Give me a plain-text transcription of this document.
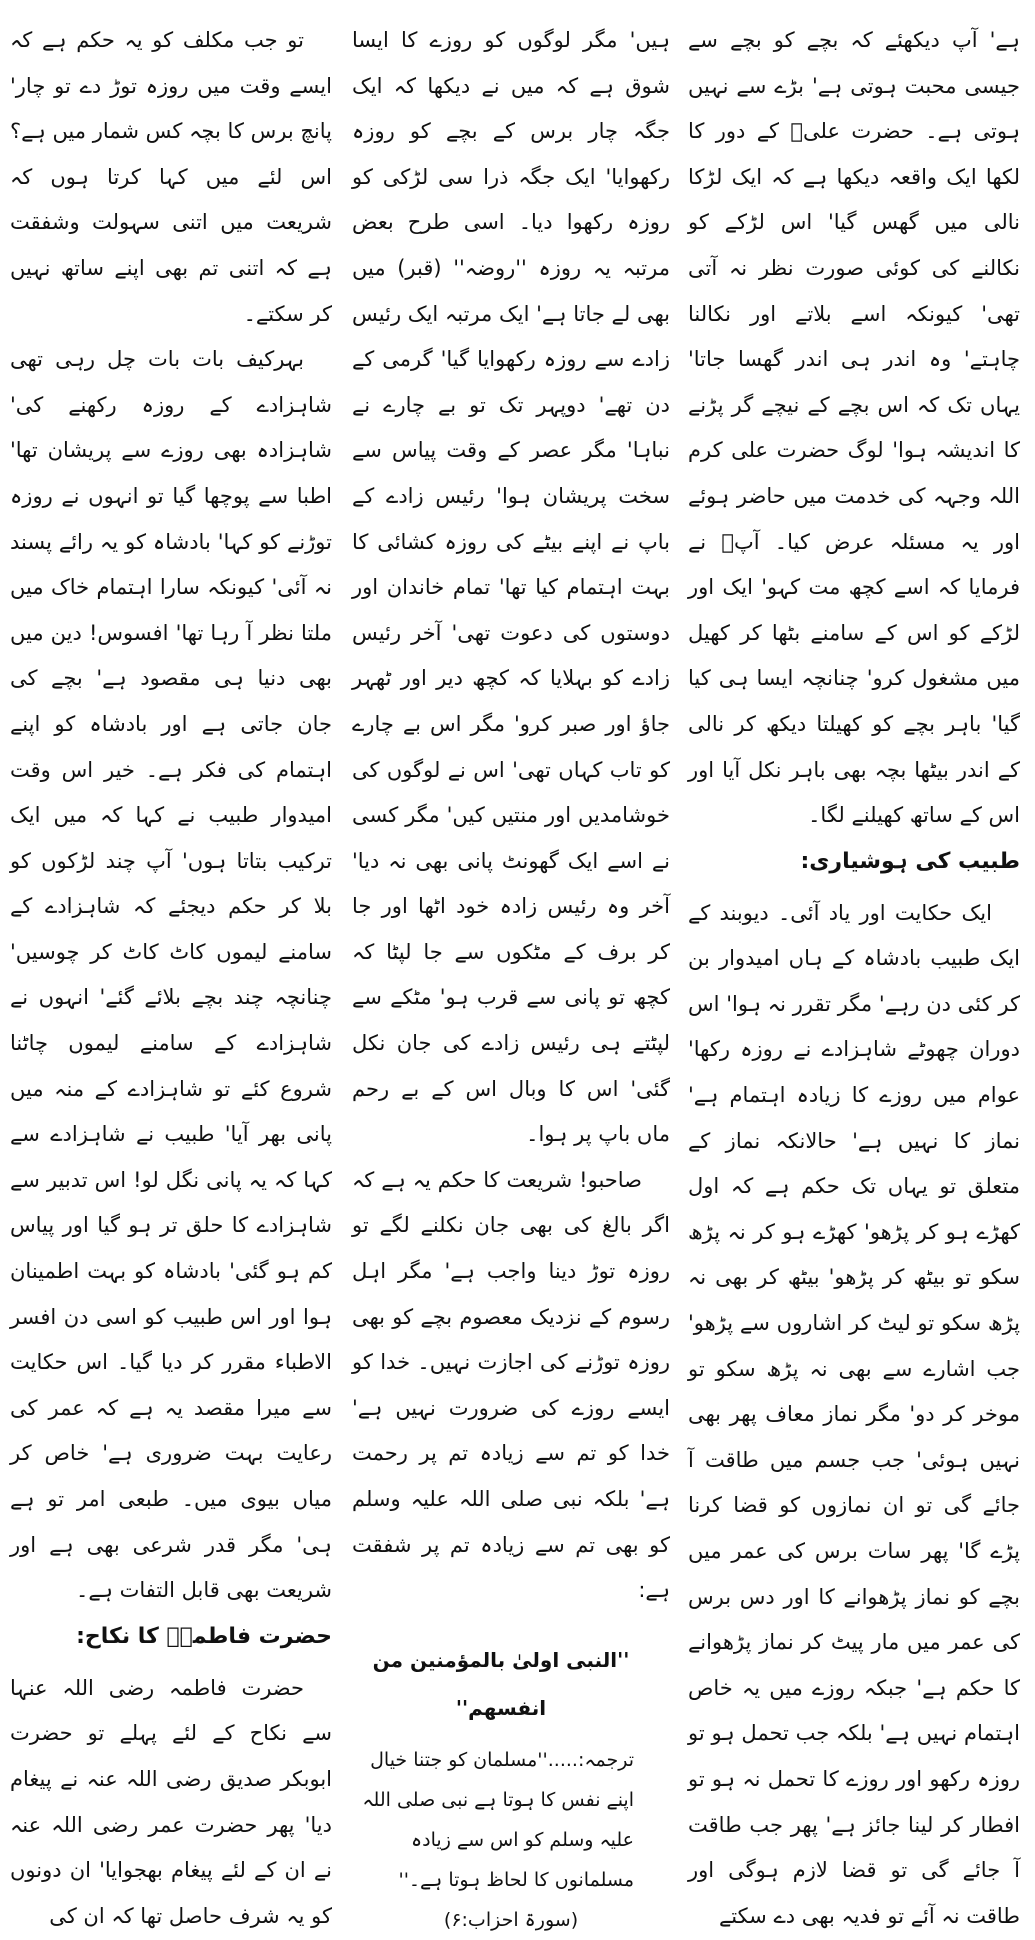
ہے' آپ دیکھئے کہ بچے کو بچے سے جیسی محبت ہوتی ہے' بڑے سے نہیں ہوتی ہے۔ حضرت علیؓ کے دور کا لکھا ایک واقعہ دیکھا ہے کہ ایک لڑکا نالی میں گھس گیا' اس لڑکے کو نکالنے کی کوئی صورت نظر نہ آتی تھی' کیونکہ اسے بلاتے اور نکالنا چاہتے' وہ اندر ہی اندر گھسا جاتا' یہاں تک کہ اس بچے کے نیچے گر پڑنے کا اندیشہ ہوا' لوگ حضرت علی کرم اللہ وجہہ کی خدمت میں حاضر ہوئے اور یہ مسئلہ عرض کیا۔ آپؓ نے فرمایا کہ اسے کچھ مت کہو' ایک اور لڑکے کو اس کے سامنے بٹھا کر کھیل میں مشغول کرو' چنانچہ ایسا ہی کیا گیا' باہر بچے کو کھیلتا دیکھ کر نالی کے اندر بیٹھا بچہ بھی باہر نکل آیا اور اس کے ساتھ کھیلنے لگا۔

طبیب کی ہوشیاری:

ایک حکایت اور یاد آئی۔ دیوبند کے ایک طبیب بادشاہ کے ہاں امیدوار بن کر کئی دن رہے' مگر تقرر نہ ہوا' اس دوران چھوٹے شاہزادے نے روزہ رکھا' عوام میں روزے کا زیادہ اہتمام ہے' نماز کا نہیں ہے' حالانکہ نماز کے متعلق تو یہاں تک حکم ہے کہ اول کھڑے ہو کر پڑھو' کھڑے ہو کر نہ پڑھ سکو تو بیٹھ کر پڑھو' بیٹھ کر بھی نہ پڑھ سکو تو لیٹ کر اشاروں سے پڑھو' جب اشارے سے بھی نہ پڑھ سکو تو موخر کر دو' مگر نماز معاف پھر بھی نہیں ہوئی' جب جسم میں طاقت آ جائے گی تو ان نمازوں کو قضا کرنا پڑے گا' پھر سات برس کی عمر میں بچے کو نماز پڑھوانے کا اور دس برس کی عمر میں مار پیٹ کر نماز پڑھوانے کا حکم ہے' جبکہ روزے میں یہ خاص اہتمام نہیں ہے' بلکہ جب تحمل ہو تو روزہ رکھو اور روزے کا تحمل نہ ہو تو افطار کر لینا جائز ہے' پھر جب طاقت آ جائے گی تو قضا لازم ہوگی اور طاقت نہ آئے تو فدیہ بھی دے سکتے

ہیں' مگر لوگوں کو روزے کا ایسا شوق ہے کہ میں نے دیکھا کہ ایک جگہ چار برس کے بچے کو روزہ رکھوایا' ایک جگہ ذرا سی لڑکی کو روزہ رکھوا دیا۔ اسی طرح بعض مرتبہ یہ روزہ ''روضہ'' (قبر) میں بھی لے جاتا ہے' ایک مرتبہ ایک رئیس زادے سے روزہ رکھوایا گیا' گرمی کے دن تھے' دوپہر تک تو بے چارے نے نباہا' مگر عصر کے وقت پیاس سے سخت پریشان ہوا' رئیس زادے کے باپ نے اپنے بیٹے کی روزہ کشائی کا بہت اہتمام کیا تھا' تمام خاندان اور دوستوں کی دعوت تھی' آخر رئیس زادے کو بہلایا کہ کچھ دیر اور ٹھہر جاؤ اور صبر کرو' مگر اس بے چارے کو تاب کہاں تھی' اس نے لوگوں کی خوشامدیں اور منتیں کیں' مگر کسی نے اسے ایک گھونٹ پانی بھی نہ دیا' آخر وہ رئیس زادہ خود اٹھا اور جا کر برف کے مٹکوں سے جا لپٹا کہ کچھ تو پانی سے قرب ہو' مٹکے سے لپٹتے ہی رئیس زادے کی جان نکل گئی' اس کا وبال اس کے بے رحم ماں باپ پر ہوا۔

صاحبو! شریعت کا حکم یہ ہے کہ اگر بالغ کی بھی جان نکلنے لگے تو روزہ توڑ دینا واجب ہے' مگر اہل رسوم کے نزدیک معصوم بچے کو بھی روزہ توڑنے کی اجازت نہیں۔ خدا کو ایسے روزے کی ضرورت نہیں ہے' خدا کو تم سے زیادہ تم پر رحمت ہے' بلکہ نبی صلی اللہ علیہ وسلم کو بھی تم سے زیادہ تم پر شفقت ہے:

''النبی اولیٰ بالمؤمنین من انفسھم''
ترجمہ:.....''مسلمان کو جتنا خیال اپنے نفس کا ہوتا ہے نبی صلی اللہ علیہ وسلم کو اس سے زیادہ مسلمانوں کا لحاظ ہوتا ہے۔''
(سورۃ احزاب:۶)

تو جب مکلف کو یہ حکم ہے کہ ایسے وقت میں روزہ توڑ دے تو چار' پانچ برس کا بچہ کس شمار میں ہے؟ اس لئے میں کہا کرتا ہوں کہ شریعت میں اتنی سہولت وشفقت ہے کہ اتنی تم بھی اپنے ساتھ نہیں کر سکتے۔

بہرکیف بات بات چل رہی تھی شاہزادے کے روزہ رکھنے کی' شاہزادہ بھی روزے سے پریشان تھا' اطبا سے پوچھا گیا تو انہوں نے روزہ توڑنے کو کہا' بادشاہ کو یہ رائے پسند نہ آئی' کیونکہ سارا اہتمام خاک میں ملتا نظر آ رہا تھا' افسوس! دین میں بھی دنیا ہی مقصود ہے' بچے کی جان جاتی ہے اور بادشاہ کو اپنے اہتمام کی فکر ہے۔ خیر اس وقت امیدوار طبیب نے کہا کہ میں ایک ترکیب بتاتا ہوں' آپ چند لڑکوں کو بلا کر حکم دیجئے کہ شاہزادے کے سامنے لیموں کاٹ کاٹ کر چوسیں' چنانچہ چند بچے بلائے گئے' انہوں نے شاہزادے کے سامنے لیموں چاٹنا شروع کئے تو شاہزادے کے منہ میں پانی بھر آیا' طبیب نے شاہزادے سے کہا کہ یہ پانی نگل لو! اس تدبیر سے شاہزادے کا حلق تر ہو گیا اور پیاس کم ہو گئی' بادشاہ کو بہت اطمینان ہوا اور اس طبیب کو اسی دن افسر الاطباء مقرر کر دیا گیا۔ اس حکایت سے میرا مقصد یہ ہے کہ عمر کی رعایت بہت ضروری ہے' خاص کر میاں بیوی میں۔ طبعی امر تو ہے ہی' مگر قدر شرعی بھی ہے اور شریعت بھی قابل التفات ہے۔

حضرت فاطمہؓ کا نکاح:

حضرت فاطمہ رضی اللہ عنہا سے نکاح کے لئے پہلے تو حضرت ابوبکر صدیق رضی اللہ عنہ نے پیغام دیا' پھر حضرت عمر رضی اللہ عنہ نے ان کے لئے پیغام بھجوایا' ان دونوں کو یہ شرف حاصل تھا کہ ان کی
